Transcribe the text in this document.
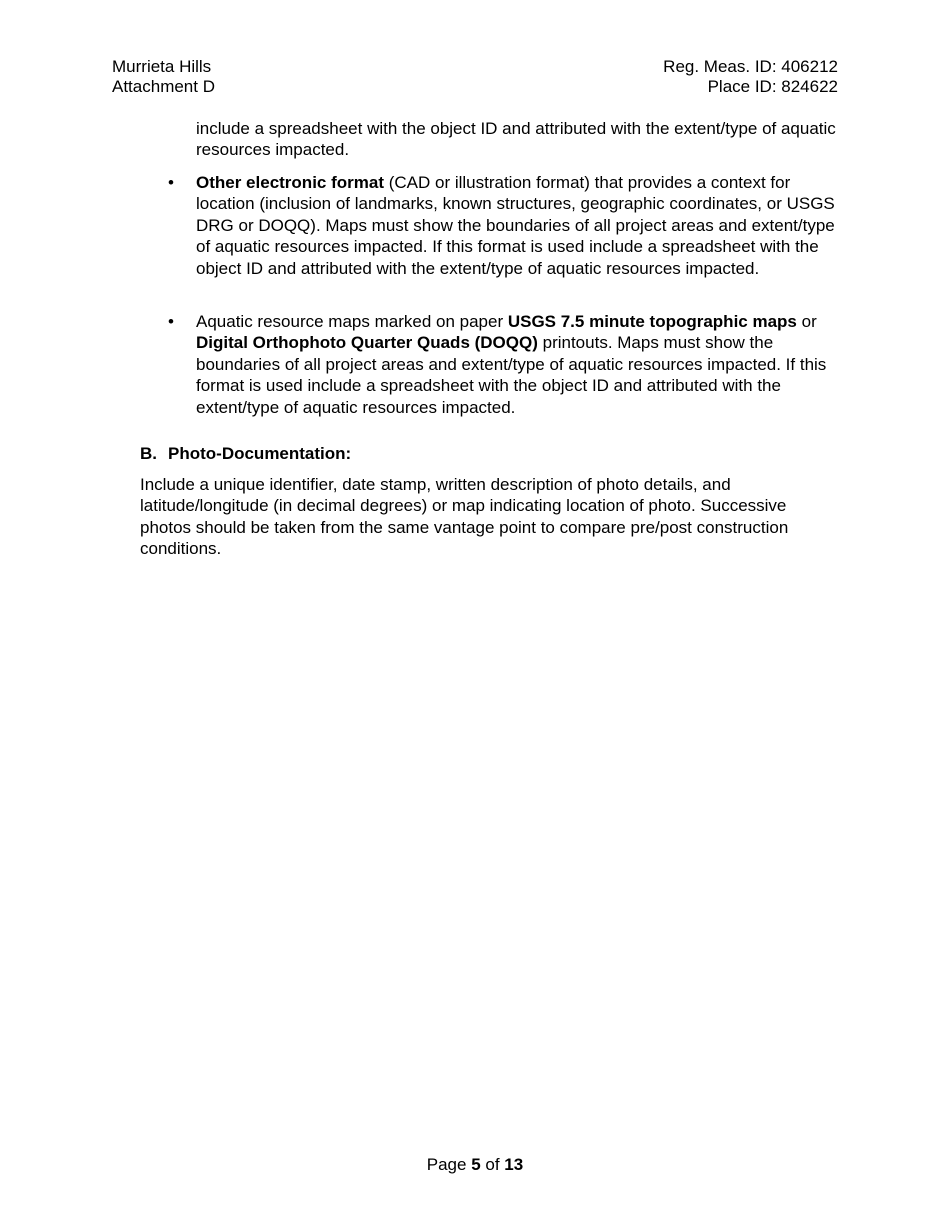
Murrieta Hills
Attachment D
Reg. Meas. ID: 406212
Place ID: 824622

include a spreadsheet with the object ID and attributed with the extent/type of aquatic resources impacted.

• Other electronic format (CAD or illustration format) that provides a context for location (inclusion of landmarks, known structures, geographic coordinates, or USGS DRG or DOQQ). Maps must show the boundaries of all project areas and extent/type of aquatic resources impacted. If this format is used include a spreadsheet with the object ID and attributed with the extent/type of aquatic resources impacted.

• Aquatic resource maps marked on paper USGS 7.5 minute topographic maps or Digital Orthophoto Quarter Quads (DOQQ) printouts. Maps must show the boundaries of all project areas and extent/type of aquatic resources impacted. If this format is used include a spreadsheet with the object ID and attributed with the extent/type of aquatic resources impacted.

B. Photo-Documentation:

Include a unique identifier, date stamp, written description of photo details, and latitude/longitude (in decimal degrees) or map indicating location of photo. Successive photos should be taken from the same vantage point to compare pre/post construction conditions.

Page 5 of 13
